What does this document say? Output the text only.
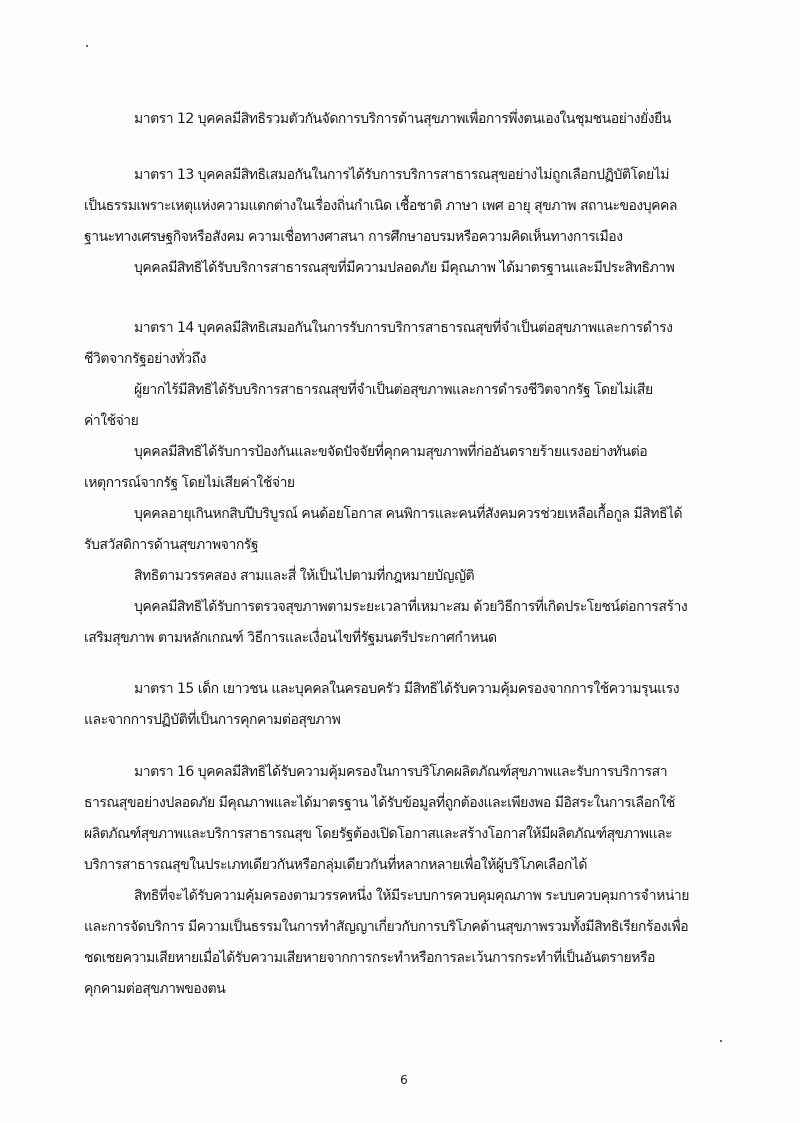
มาตรา 12 บุคคลมีสิทธิรวมตัวกันจัดการบริการด้านสุขภาพเพื่อการพึ่งตนเองในชุมชนอย่างยั่งยืน
มาตรา 13 บุคคลมีสิทธิเสมอกันในการได้รับการบริการสาธารณสุขอย่างไม่ถูกเลือกปฏิบัติโดยไม่
เป็นธรรมเพราะเหตุแห่งความแตกต่างในเรื่องถิ่นกำเนิด เชื้อชาติ ภาษา เพศ อายุ สุขภาพ สถานะของบุคคล
ฐานะทางเศรษฐกิจหรือสังคม ความเชื่อทางศาสนา การศึกษาอบรมหรือความคิดเห็นทางการเมือง
บุคคลมีสิทธิได้รับบริการสาธารณสุขที่มีความปลอดภัย มีคุณภาพ ได้มาตรฐานและมีประสิทธิภาพ
มาตรา 14 บุคคลมีสิทธิเสมอกันในการรับการบริการสาธารณสุขที่จำเป็นต่อสุขภาพและการดำรง
ชีวิตจากรัฐอย่างทั่วถึง
ผู้ยากไร้มีสิทธิได้รับบริการสาธารณสุขที่จำเป็นต่อสุขภาพและการดำรงชีวิตจากรัฐ โดยไม่เสีย
ค่าใช้จ่าย
บุคคลมีสิทธิได้รับการป้องกันและขจัดปัจจัยที่คุกคามสุขภาพที่ก่ออันตรายร้ายแรงอย่างทันต่อ
เหตุการณ์จากรัฐ โดยไม่เสียค่าใช้จ่าย
บุคคลอายุเกินหกสิบปีบริบูรณ์ คนด้อยโอกาส คนพิการและคนที่สังคมควรช่วยเหลือเกื้อกูล มีสิทธิได้
รับสวัสดิการด้านสุขภาพจากรัฐ
สิทธิตามวรรคสอง สามและสี่ ให้เป็นไปตามที่กฎหมายบัญญัติ
บุคคลมีสิทธิได้รับการตรวจสุขภาพตามระยะเวลาที่เหมาะสม ด้วยวิธีการที่เกิดประโยชน์ต่อการสร้าง
เสริมสุขภาพ ตามหลักเกณฑ์ วิธีการและเงื่อนไขที่รัฐมนตรีประกาศกำหนด
มาตรา 15 เด็ก เยาวชน และบุคคลในครอบครัว มีสิทธิได้รับความคุ้มครองจากการใช้ความรุนแรง
และจากการปฏิบัติที่เป็นการคุกคามต่อสุขภาพ
มาตรา 16 บุคคลมีสิทธิได้รับความคุ้มครองในการบริโภคผลิตภัณฑ์สุขภาพและรับการบริการสา
ธารณสุขอย่างปลอดภัย มีคุณภาพและได้มาตรฐาน ได้รับข้อมูลที่ถูกต้องและเพียงพอ มีอิสระในการเลือกใช้
ผลิตภัณฑ์สุขภาพและบริการสาธารณสุข โดยรัฐต้องเปิดโอกาสและสร้างโอกาสให้มีผลิตภัณฑ์สุขภาพและ
บริการสาธารณสุขในประเภทเดียวกันหรือกลุ่มเดียวกันที่หลากหลายเพื่อให้ผู้บริโภคเลือกได้
สิทธิที่จะได้รับความคุ้มครองตามวรรคหนึ่ง ให้มีระบบการควบคุมคุณภาพ ระบบควบคุมการจำหน่าย
และการจัดบริการ มีความเป็นธรรมในการทำสัญญาเกี่ยวกับการบริโภคด้านสุขภาพรวมทั้งมีสิทธิเรียกร้องเพื่อ
ชดเชยความเสียหายเมื่อได้รับความเสียหายจากการกระทำหรือการละเว้นการกระทำที่เป็นอันตรายหรือ
คุกคามต่อสุขภาพของตน
6
